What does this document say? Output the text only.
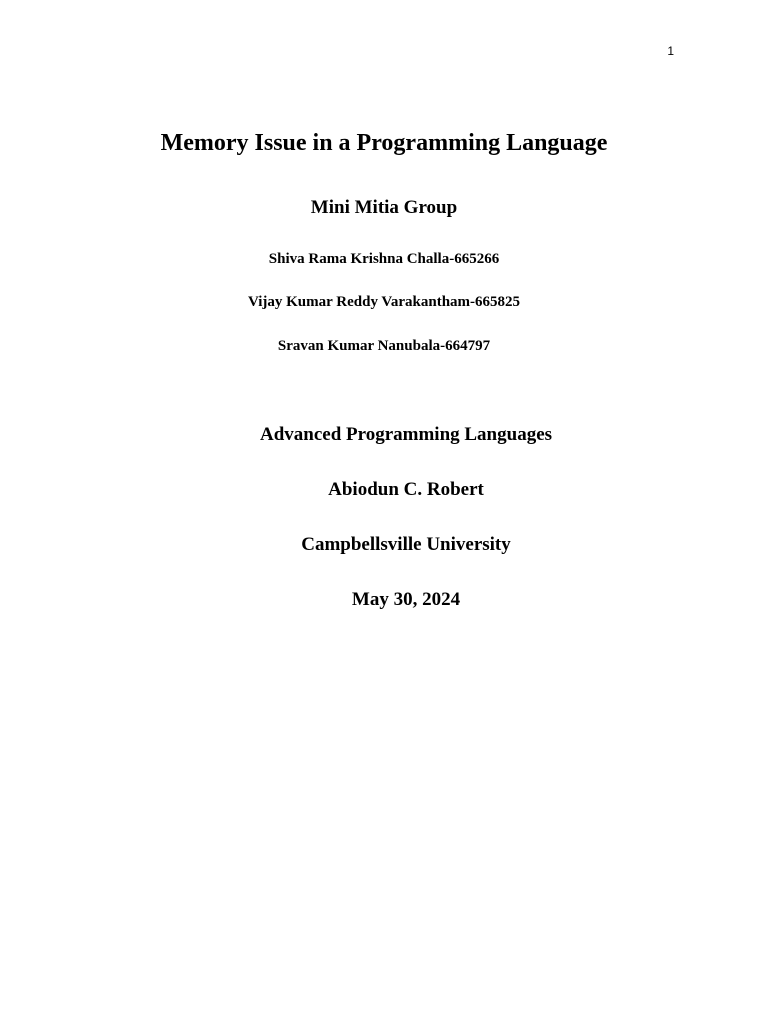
1
Memory Issue in a Programming Language
Mini Mitia Group
Shiva Rama Krishna Challa-665266
Vijay Kumar Reddy Varakantham-665825
Sravan Kumar Nanubala-664797
Advanced Programming Languages
Abiodun C. Robert
Campbellsville University
May 30, 2024
